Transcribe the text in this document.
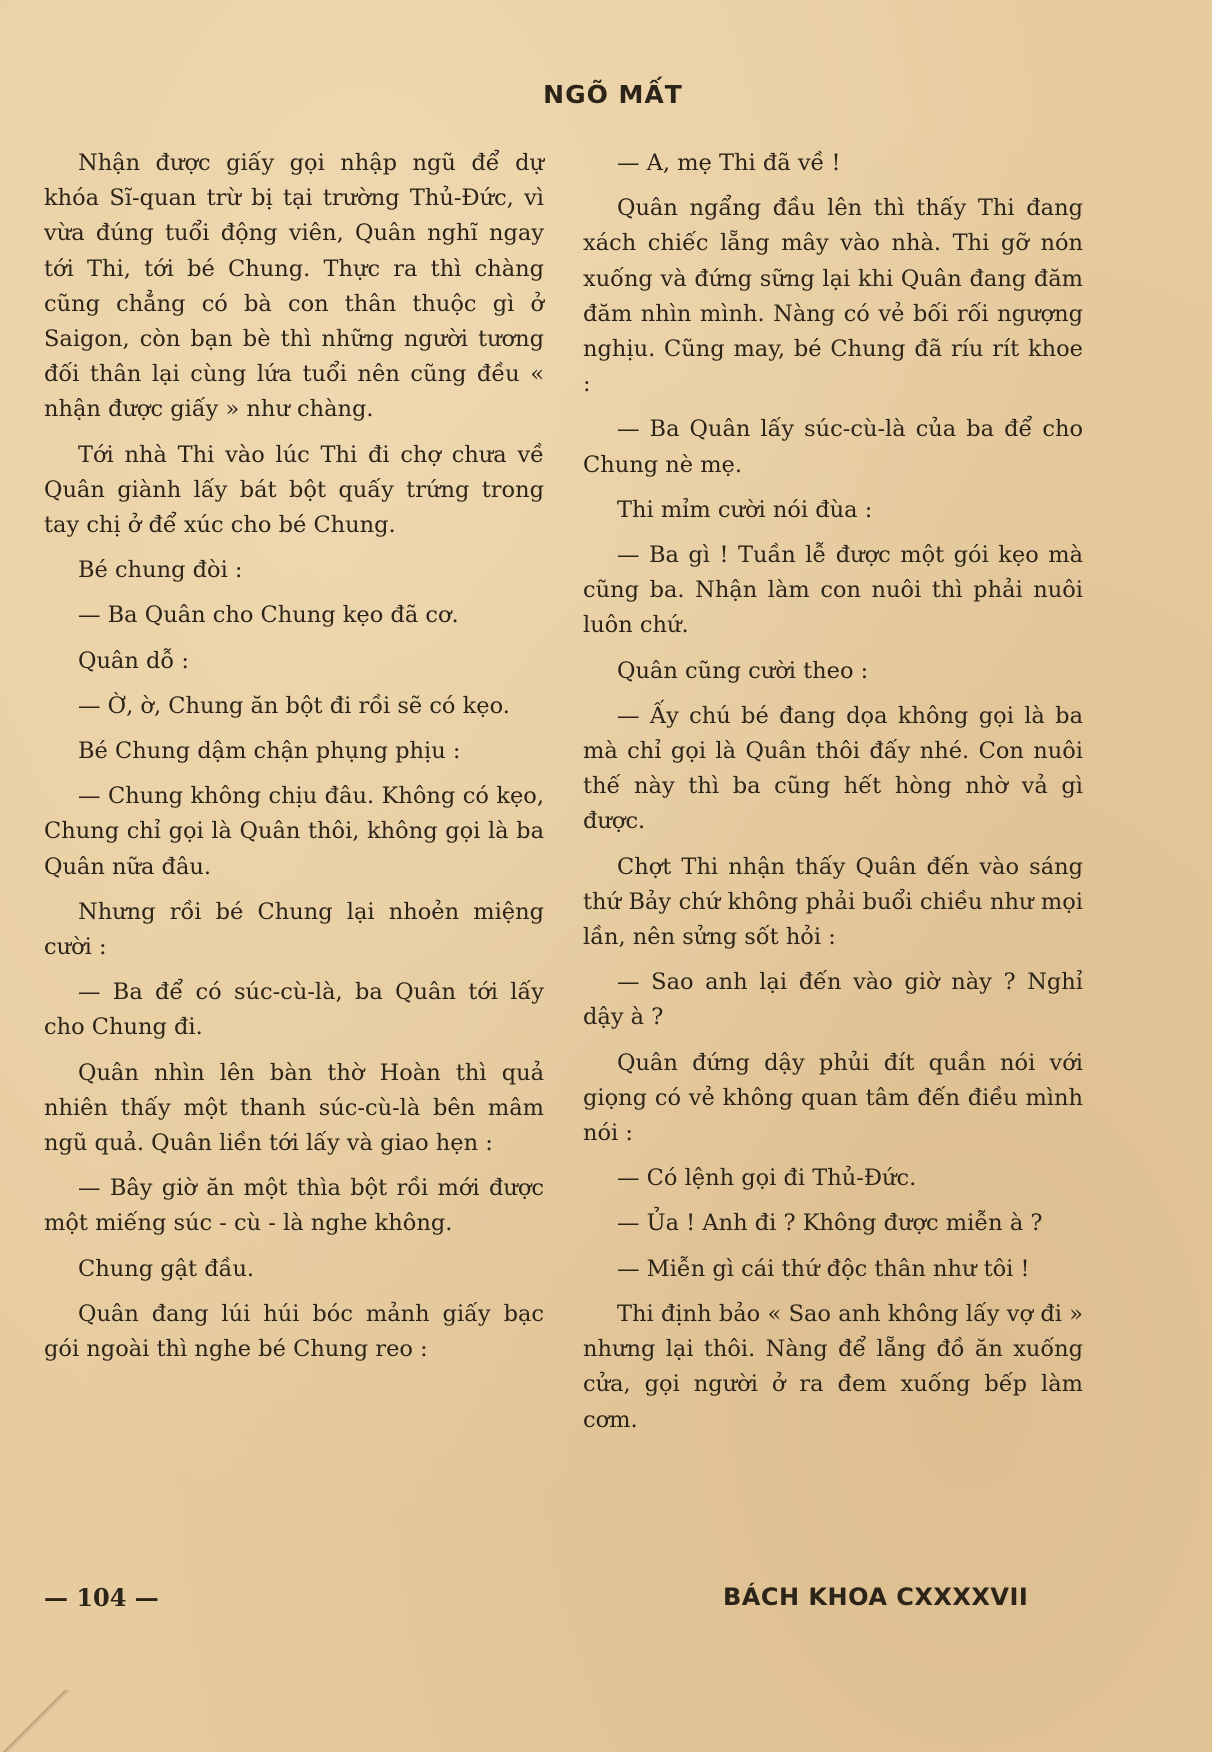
NGÕ MẤT

Nhận được giấy gọi nhập ngũ để dự khóa Sĩ-quan trừ bị tại trường Thủ-Đức, vì vừa đúng tuổi động viên, Quân nghĩ ngay tới Thi, tới bé Chung. Thực ra thì chàng cũng chẳng có bà con thân thuộc gì ở Saigon, còn bạn bè thì những người tương đối thân lại cùng lứa tuổi nên cũng đều « nhận được giấy » như chàng.

Tới nhà Thi vào lúc Thi đi chợ chưa về Quân giành lấy bát bột quấy trứng trong tay chị ở để xúc cho bé Chung.

Bé chung đòi :

— Ba Quân cho Chung kẹo đã cơ.

Quân dỗ :

— Ờ, ờ, Chung ăn bột đi rồi sẽ có kẹo.

Bé Chung dậm chận phụng phịu :

— Chung không chịu đâu. Không có kẹo, Chung chỉ gọi là Quân thôi, không gọi là ba Quân nữa đâu.

Nhưng rồi bé Chung lại nhoẻn miệng cười :

— Ba để có súc-cù-là, ba Quân tới lấy cho Chung đi.

Quân nhìn lên bàn thờ Hoàn thì quả nhiên thấy một thanh súc-cù-là bên mâm ngũ quả. Quân liền tới lấy và giao hẹn :

— Bây giờ ăn một thìa bột rồi mới được một miếng súc - cù - là nghe không.

Chung gật đầu.

Quân đang lúi húi bóc mảnh giấy bạc gói ngoài thì nghe bé Chung reo :

— A, mẹ Thi đã về !

Quân ngẩng đầu lên thì thấy Thi đang xách chiếc lẵng mây vào nhà. Thi gỡ nón xuống và đứng sững lại khi Quân đang đăm đăm nhìn mình. Nàng có vẻ bối rối ngượng nghịu. Cũng may, bé Chung đã ríu rít khoe :

— Ba Quân lấy súc-cù-là của ba để cho Chung nè mẹ.

Thi mỉm cười nói đùa :

— Ba gì ! Tuần lễ được một gói kẹo mà cũng ba. Nhận làm con nuôi thì phải nuôi luôn chứ.

Quân cũng cười theo :

— Ấy chú bé đang dọa không gọi là ba mà chỉ gọi là Quân thôi đấy nhé. Con nuôi thế này thì ba cũng hết hòng nhờ vả gì được.

Chợt Thi nhận thấy Quân đến vào sáng thứ Bảy chứ không phải buổi chiều như mọi lần, nên sửng sốt hỏi :

— Sao anh lại đến vào giờ này ? Nghỉ dậy à ?

Quân đứng dậy phủi đít quần nói với giọng có vẻ không quan tâm đến điều mình nói :

— Có lệnh gọi đi Thủ-Đức.

— Ủa ! Anh đi ? Không được miễn à ?

— Miễn gì cái thứ độc thân như tôi !

Thi định bảo « Sao anh không lấy vợ đi » nhưng lại thôi. Nàng để lẵng đồ ăn xuống cửa, gọi người ở ra đem xuống bếp làm cơm.

— 104 —	BÁCH KHOA CXXXXVII
